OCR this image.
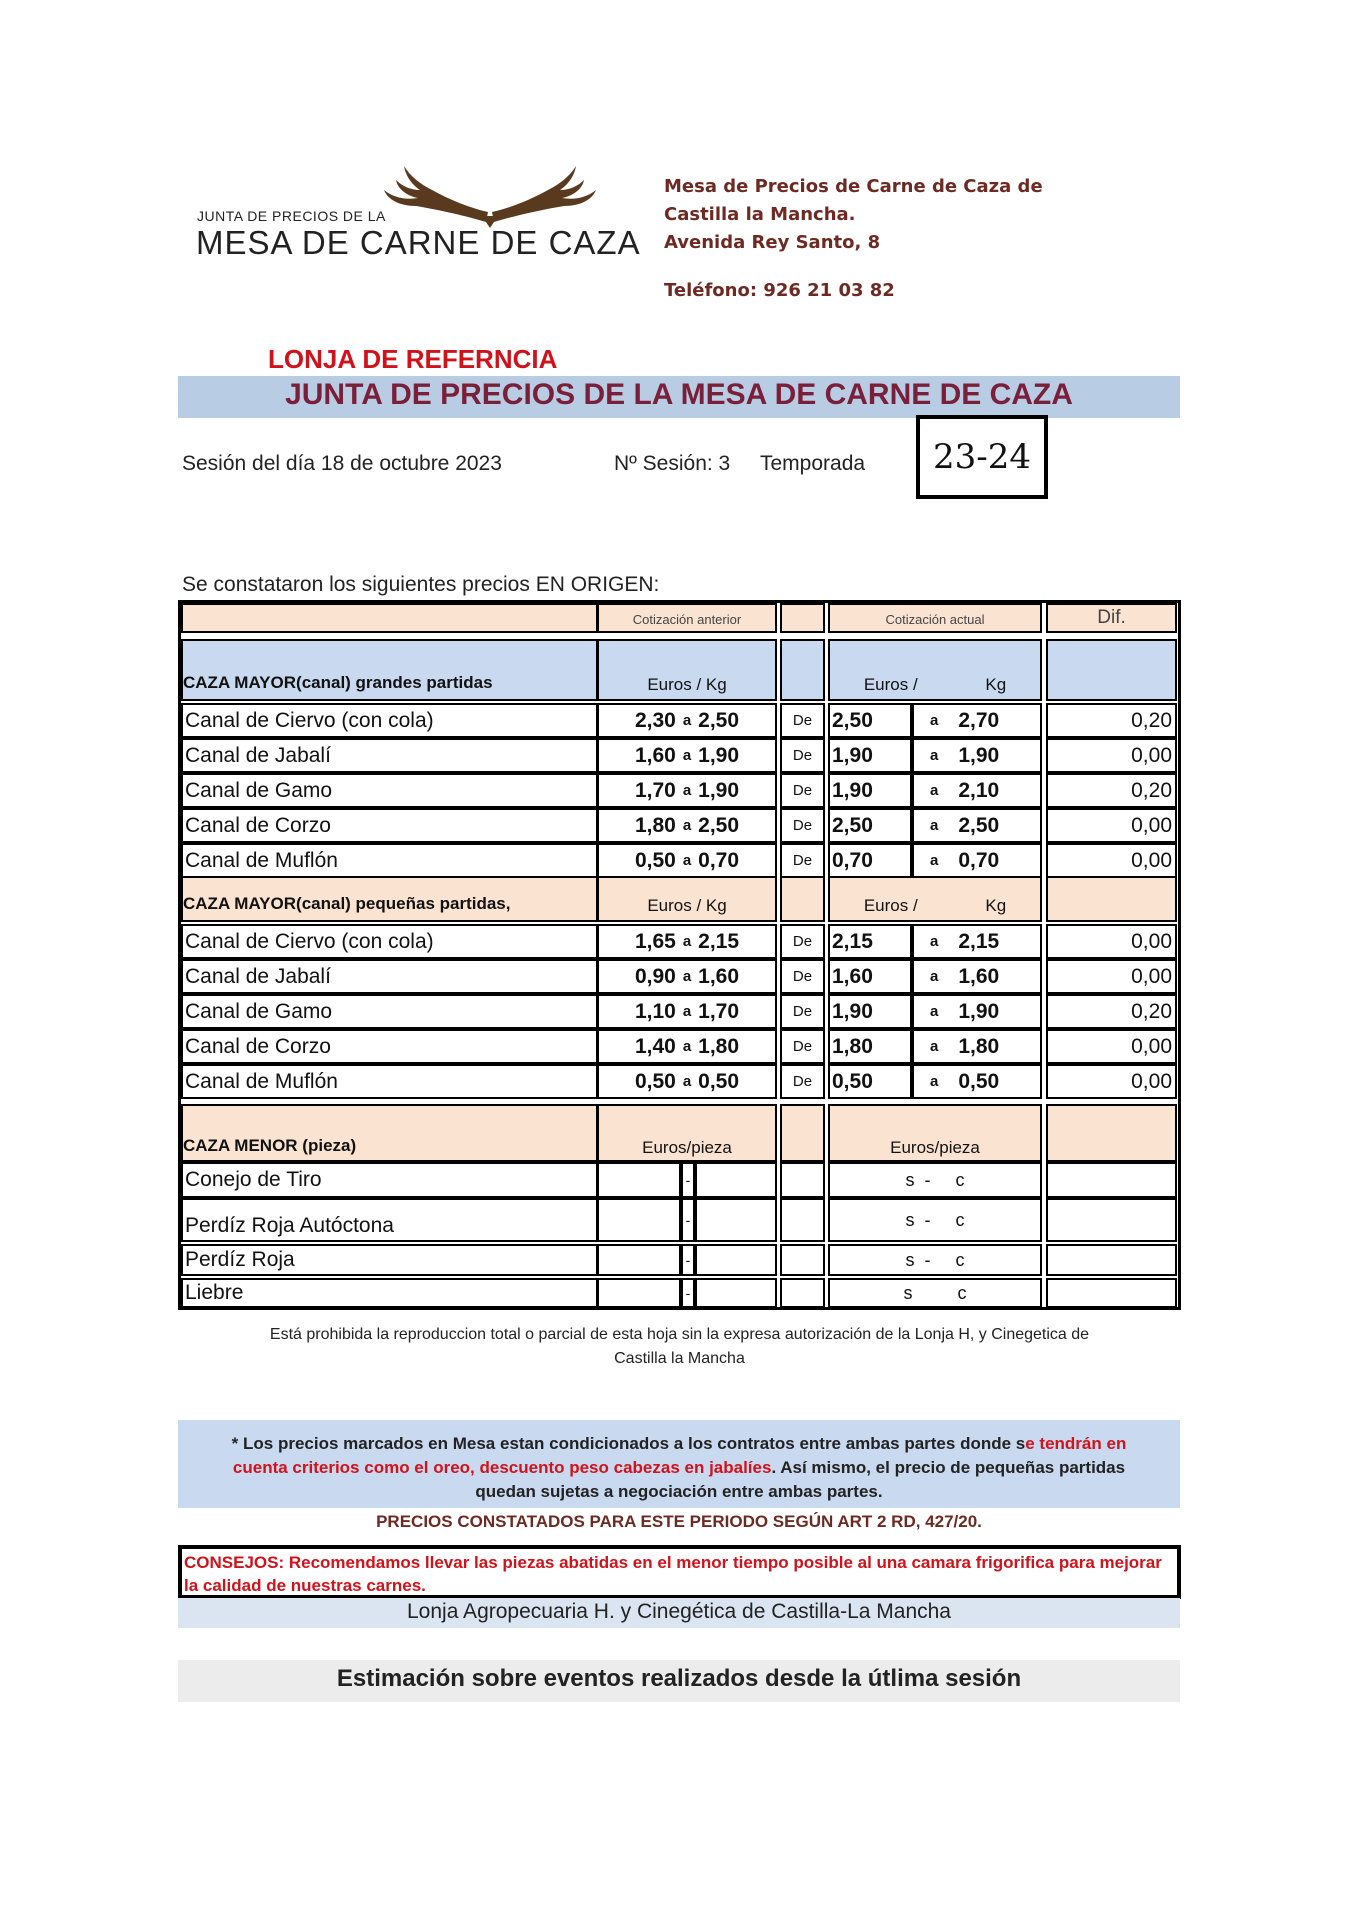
JUNTA DE PRECIOS DE LA
MESA DE CARNE DE CAZA
Mesa de Precios de Carne de Caza de
Castilla la Mancha.
Avenida Rey Santo, 8
Teléfono: 926 21 03 82
LONJA DE REFERNCIA
JUNTA DE PRECIOS DE LA MESA DE CARNE DE CAZA
Sesión del día 18 de octubre 2023	Nº Sesión: 3 Temporada	23-24
Se constataron los siguientes precios EN ORIGEN:
Cotización anterior	Cotización actual	Dif.
CAZA MAYOR (canal) grandes partidas	Euros / Kg	Euros /	Kg
Canal de Ciervo (con cola)	2,30 a 2,50	De 2,50	a 2,70	0,20
Canal de Jabalí	1,60 a 1,90	De 1,90	a 1,90	0,00
Canal de Gamo	1,70 a 1,90	De 1,90	a 2,10	0,20
Canal de Corzo	1,80 a 2,50	De 2,50	a 2,50	0,00
Canal de Muflón	0,50 a 0,70	De 0,70	a 0,70	0,00
CAZA MAYOR (canal) pequeñas partidas,	Euros / Kg	Euros /	Kg
Canal de Ciervo (con cola)	1,65 a 2,15	De 2,15	a 2,15	0,00
Canal de Jabalí	0,90 a 1,60	De 1,60	a 1,60	0,00
Canal de Gamo	1,10 a 1,70	De 1,90	a 1,90	0,20
Canal de Corzo	1,40 a 1,80	De 1,80	a 1,80	0,00
Canal de Muflón	0,50 a 0,50	De 0,50	a 0,50	0,00
CAZA MENOR (pieza)	Euros/pieza	Euros/pieza
Conejo de Tiro	-	s  -     c
Perdíz Roja Autóctona	-	s  -     c
Perdíz Roja	-	s  -     c
Liebre	-	s         c
Está prohibida la reproduccion total o parcial de esta hoja sin la expresa autorización de la Lonja H, y Cinegetica de
Castilla la Mancha
* Los precios marcados en Mesa estan condicionados a los contratos entre ambas partes donde se tendrán en
cuenta criterios como el oreo, descuento peso cabezas en jabalíes. Así mismo, el precio de pequeñas partidas
quedan sujetas a negociación entre ambas partes.
PRECIOS CONSTATADOS PARA ESTE PERIODO SEGÚN ART 2 RD, 427/20.
CONSEJOS: Recomendamos llevar las piezas abatidas en el menor tiempo posible al una camara frigorifica para mejorar la calidad de nuestras carnes.
Lonja Agropecuaria H. y Cinegética de Castilla-La Mancha
Estimación sobre eventos realizados desde la útlima sesión
